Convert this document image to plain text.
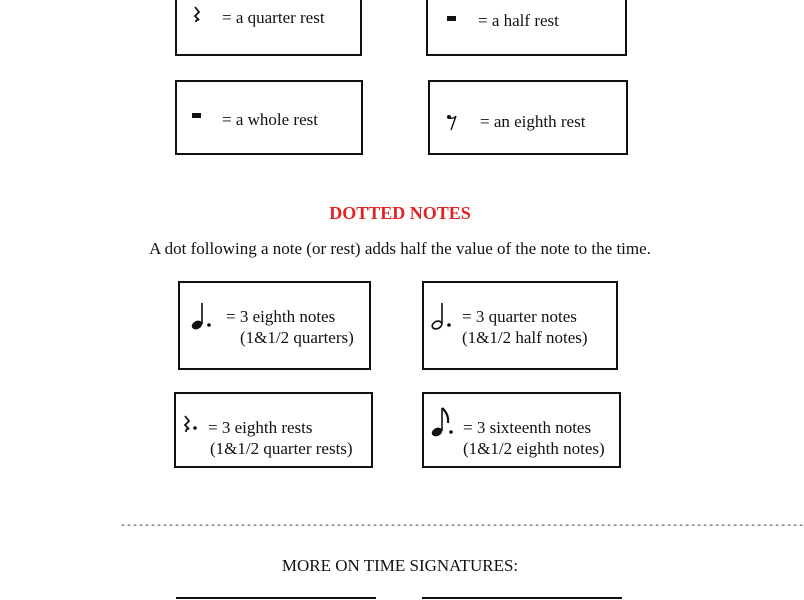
= a quarter rest	= a half rest
= a whole rest	= an eighth rest
DOTTED NOTES
A dot following a note (or rest) adds half the value of the note to the time.
= 3 eighth notes
(1&1/2 quarters)
= 3 quarter notes
(1&1/2 half notes)
= 3 eighth rests
(1&1/2 quarter rests)
= 3 sixteenth notes
(1&1/2 eighth notes)
------------------------------------------------------------------------------------------------------------------
MORE ON TIME SIGNATURES:
